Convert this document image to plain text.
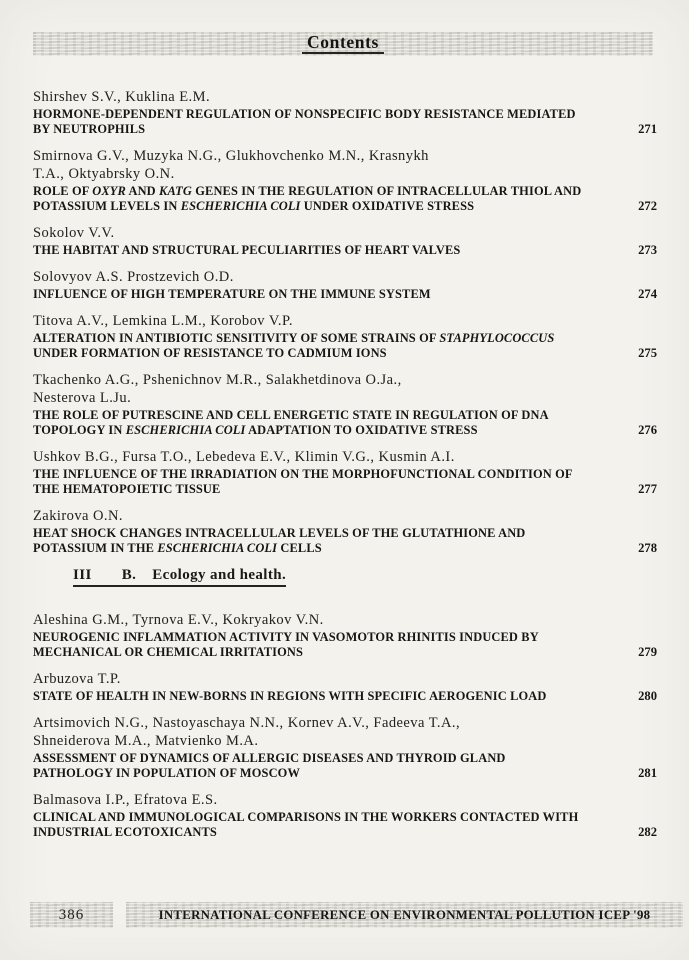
Contents
Shirshev S.V., Kuklina E.M.
HORMONE-DEPENDENT REGULATION OF NONSPECIFIC BODY RESISTANCE MEDIATED
BY NEUTROPHILS	271
Smirnova G.V., Muzyka N.G., Glukhovchenko M.N., Krasnykh
T.A., Oktyabrsky O.N.
ROLE OF OXYR AND KATG GENES IN THE REGULATION OF INTRACELLULAR THIOL AND
POTASSIUM LEVELS IN ESCHERICHIA COLI UNDER OXIDATIVE STRESS	272
Sokolov V.V.
THE HABITAT AND STRUCTURAL PECULIARITIES OF HEART VALVES	273
Solovyov A.S. Prostzevich O.D.
INFLUENCE OF HIGH TEMPERATURE ON THE IMMUNE SYSTEM	274
Titova A.V., Lemkina L.M., Korobov V.P.
ALTERATION IN ANTIBIOTIC SENSITIVITY OF SOME STRAINS OF STAPHYLOCOCCUS
UNDER FORMATION OF RESISTANCE TO CADMIUM IONS	275
Tkachenko A.G., Pshenichnov M.R., Salakhetdinova O.Ja.,
Nesterova L.Ju.
THE ROLE OF PUTRESCINE AND CELL ENERGETIC STATE IN REGULATION OF DNA
TOPOLOGY IN ESCHERICHIA COLI ADAPTATION TO OXIDATIVE STRESS	276
Ushkov B.G., Fursa T.O., Lebedeva E.V., Klimin V.G., Kusmin A.I.
THE INFLUENCE OF THE IRRADIATION ON THE MORPHOFUNCTIONAL CONDITION OF
THE HEMATOPOIETIC TISSUE	277
Zakirova O.N.
HEAT SHOCK CHANGES INTRACELLULAR LEVELS OF THE GLUTATHIONE AND
POTASSIUM IN THE ESCHERICHIA COLI CELLS	278
III B. Ecology and health.
Aleshina G.M., Tyrnova E.V., Kokryakov V.N.
NEUROGENIC INFLAMMATION ACTIVITY IN VASOMOTOR RHINITIS INDUCED BY
MECHANICAL OR CHEMICAL IRRITATIONS	279
Arbuzova T.P.
STATE OF HEALTH IN NEW-BORNS IN REGIONS WITH SPECIFIC AEROGENIC LOAD	280
Artsimovich N.G., Nastoyaschaya N.N., Kornev A.V., Fadeeva T.A.,
Shneiderova M.A., Matvienko M.A.
ASSESSMENT OF DYNAMICS OF ALLERGIC DISEASES AND THYROID GLAND
PATHOLOGY IN POPULATION OF MOSCOW	281
Balmasova I.P., Efratova E.S.
CLINICAL AND IMMUNOLOGICAL COMPARISONS IN THE WORKERS CONTACTED WITH
INDUSTRIAL ECOTOXICANTS	282
386	INTERNATIONAL CONFERENCE ON ENVIRONMENTAL POLLUTION ICEP '98
